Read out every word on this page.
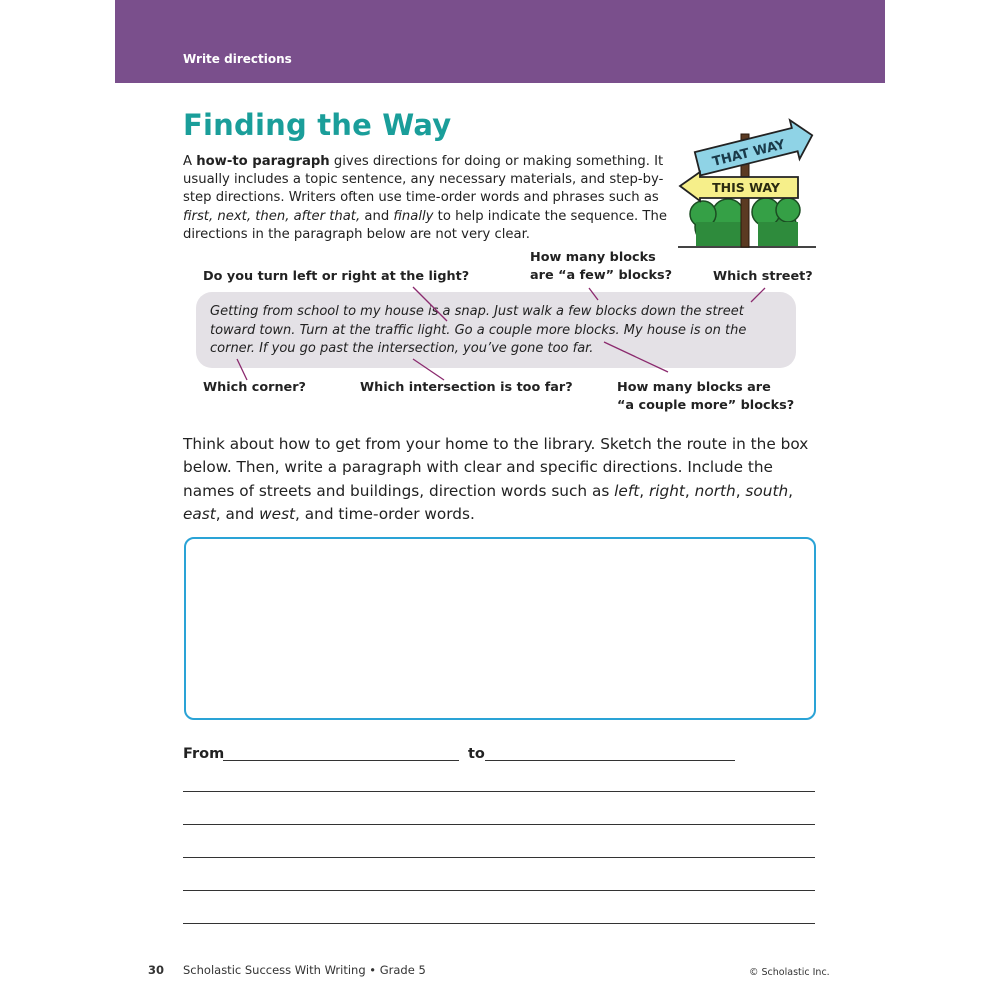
Write directions
Finding the Way

A how-to paragraph gives directions for doing or making something. It usually includes a topic sentence, any necessary materials, and step-by-step directions. Writers often use time-order words and phrases such as first, next, then, after that, and finally to help indicate the sequence. The directions in the paragraph below are not very clear.

THAT WAY
THIS WAY
Do you turn left or right at the light?
How many blocks
are “a few” blocks?	Which street?

Getting from school to my house is a snap. Just walk a few blocks down the street toward town. Turn at the traffic light. Go a couple more blocks. My house is on the corner. If you go past the intersection, you’ve gone too far.

Which corner?	Which intersection is too far?	How many blocks are
“a couple more” blocks?

Think about how to get from your home to the library. Sketch the route in the box below. Then, write a paragraph with clear and specific directions. Include the names of streets and buildings, direction words such as left, right, north, south, east, and west, and time-order words.

From	to
30 Scholastic Success With Writing • Grade 5	© Scholastic Inc.
